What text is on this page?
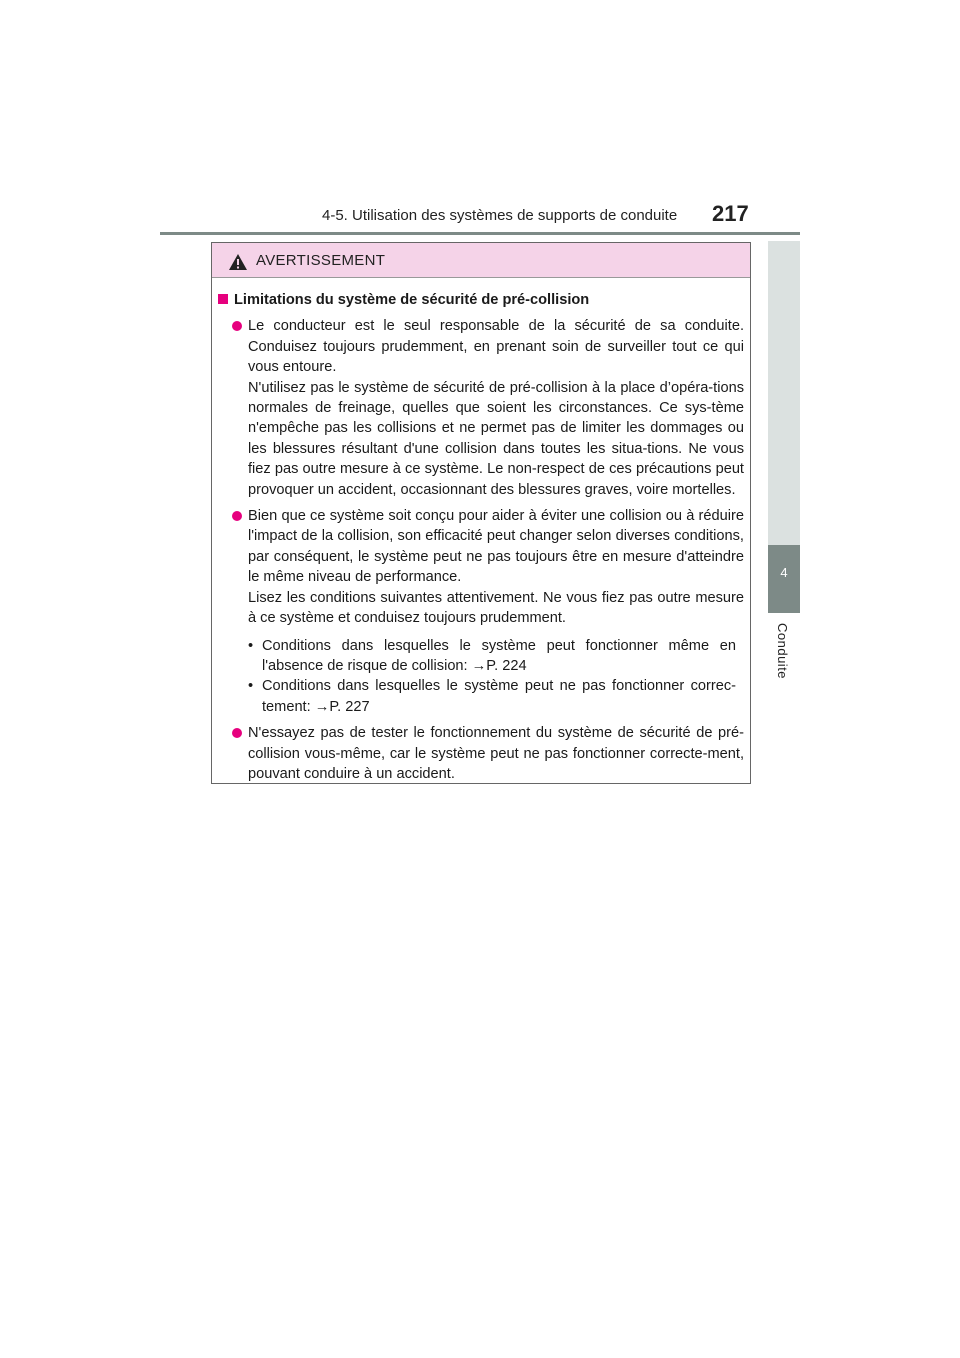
4-5. Utilisation des systèmes de supports de conduite 217
4
Conduite
AVERTISSEMENT
Limitations du système de sécurité de pré-collision

Le conducteur est le seul responsable de la sécurité de sa conduite. Conduisez toujours prudemment, en prenant soin de surveiller tout ce qui vous entoure.

N'utilisez pas le système de sécurité de pré-collision à la place d’opéra-tions normales de freinage, quelles que soient les circonstances. Ce sys-tème n'empêche pas les collisions et ne permet pas de limiter les dommages ou les blessures résultant d'une collision dans toutes les situa-tions. Ne vous fiez pas outre mesure à ce système. Le non-respect de ces précautions peut provoquer un accident, occasionnant des blessures graves, voire mortelles.

Bien que ce système soit conçu pour aider à éviter une collision ou à réduire l'impact de la collision, son efficacité peut changer selon diverses conditions, par conséquent, le système peut ne pas toujours être en mesure d'atteindre le même niveau de performance.

Lisez les conditions suivantes attentivement. Ne vous fiez pas outre mesure à ce système et conduisez toujours prudemment.

• Conditions dans lesquelles le système peut fonctionner même en l'absence de risque de collision: →P. 224
• Conditions dans lesquelles le système peut ne pas fonctionner correc-tement: →P. 227

N'essayez pas de tester le fonctionnement du système de sécurité de pré-collision vous-même, car le système peut ne pas fonctionner correcte-ment, pouvant conduire à un accident.
